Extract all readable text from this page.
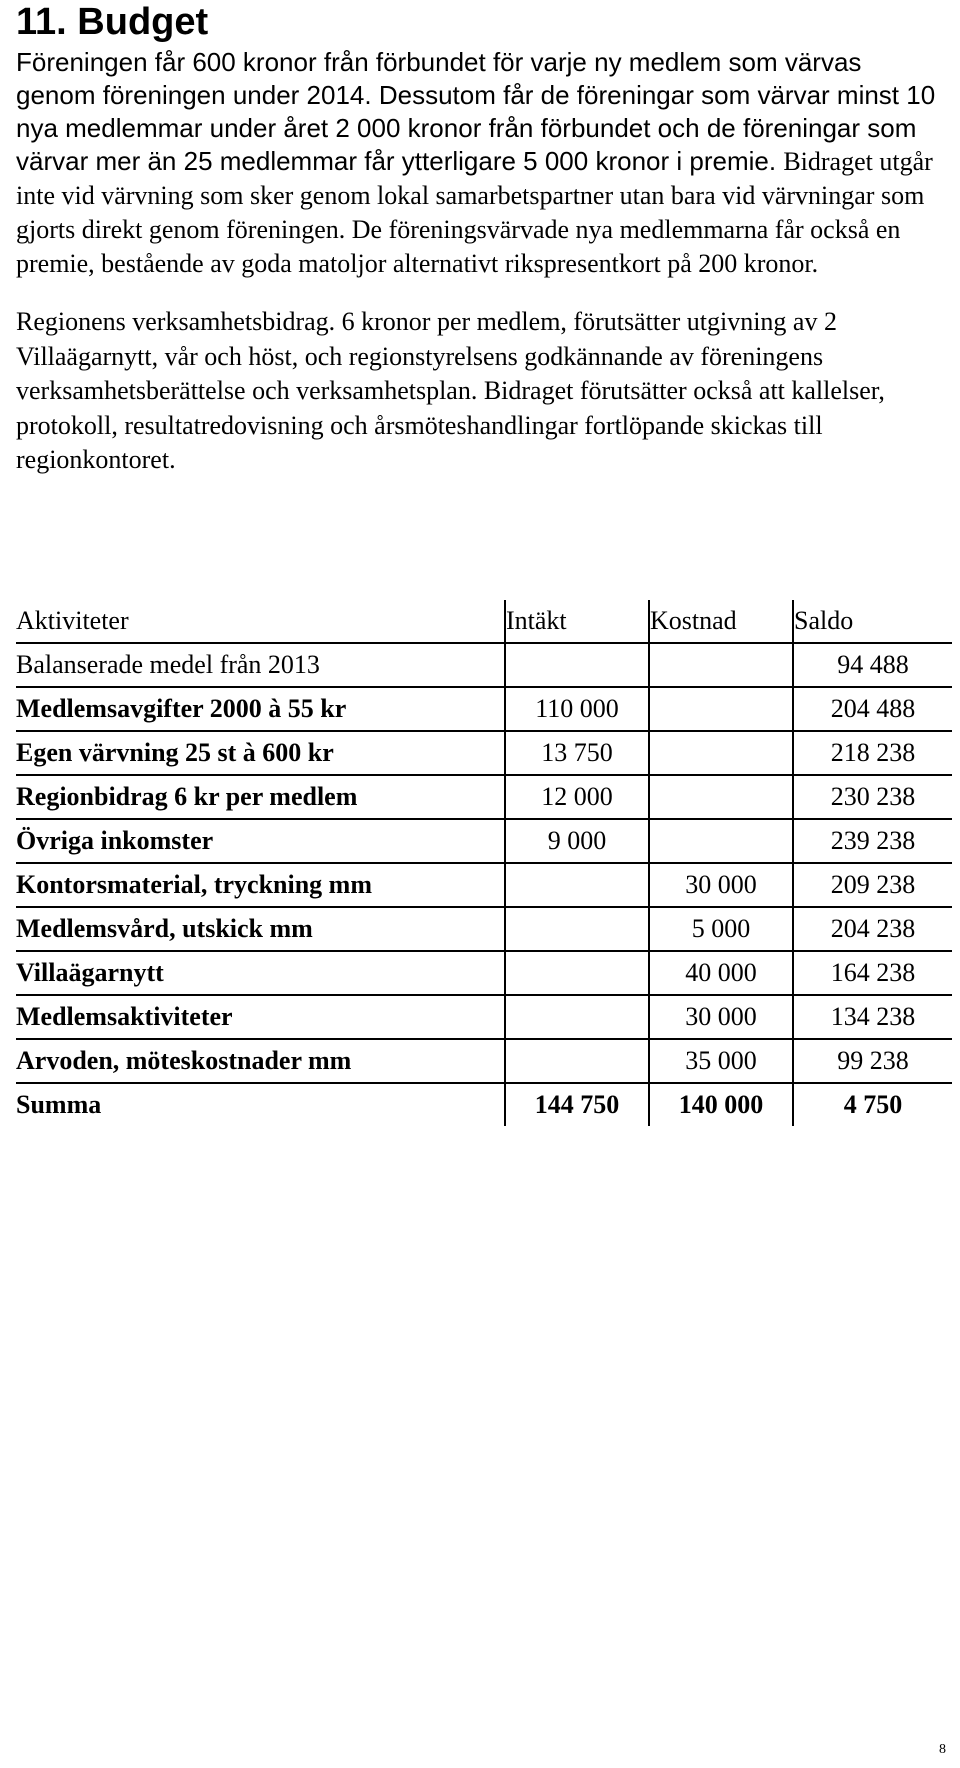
11. Budget

Föreningen får 600 kronor från förbundet för varje ny medlem som värvas genom föreningen under 2014. Dessutom får de föreningar som värvar minst 10 nya medlemmar under året 2 000 kronor från förbundet och de föreningar som värvar mer än 25 medlemmar får ytterligare 5 000 kronor i premie. Bidraget utgår inte vid värvning som sker genom lokal samarbetspartner utan bara vid värvningar som gjorts direkt genom föreningen. De föreningsvärvade nya medlemmarna får också en premie, bestående av goda matoljor alternativt rikspresentkort på 200 kronor.

Regionens verksamhetsbidrag. 6 kronor per medlem, förutsätter utgivning av 2 Villaägarnytt, vår och höst, och regionstyrelsens godkännande av föreningens verksamhetsberättelse och verksamhetsplan. Bidraget förutsätter också att kallelser, protokoll, resultatredovisning och årsmöteshandlingar fortlöpande skickas till regionkontoret.

Aktiviteter	Intäkt	Kostnad	Saldo
Balanserade medel från 2013			94 488
Medlemsavgifter 2000 à 55 kr	110 000		204 488
Egen värvning 25 st à 600 kr	13 750		218 238
Regionbidrag 6 kr per medlem	12 000		230 238
Övriga inkomster	9 000		239 238
Kontorsmaterial, tryckning mm		30 000	209 238
Medlemsvård, utskick mm		5 000	204 238
Villaägarnytt		40 000	164 238
Medlemsaktiviteter		30 000	134 238
Arvoden, möteskostnader mm		35 000	99 238
Summa	144 750	140 000	4 750
8
